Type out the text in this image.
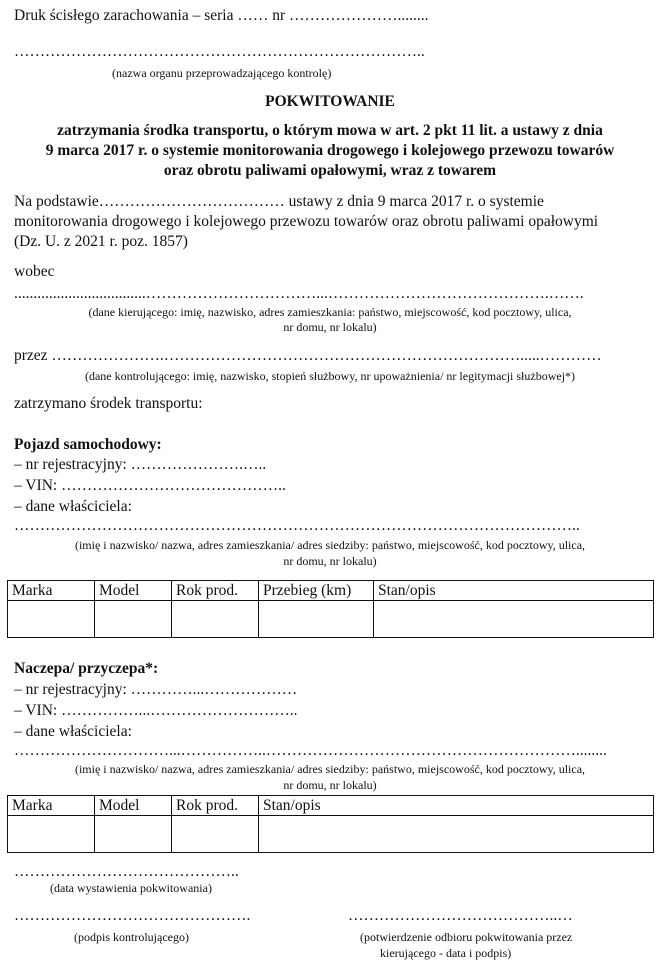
Druk ścisłego zarachowania – seria …… nr …………………........
……………………………………………………………………..
(nazwa organu przeprowadzającego kontrolę)
POKWITOWANIE
zatrzymania środka transportu, o którym mowa w art. 2 pkt 11 lit. a ustawy z dnia
9 marca 2017 r. o systemie monitorowania drogowego i kolejowego przewozu towarów
oraz obrotu paliwami opałowymi, wraz z towarem
Na podstawie……………………………… ustawy z dnia 9 marca 2017 r. o systemie
monitorowania drogowego i kolejowego przewozu towarów oraz obrotu paliwami opałowymi
(Dz. U. z 2021 r. poz. 1857)
wobec
..................................……………………………...…………………………………….…….
(dane kierującego: imię, nazwisko, adres zamieszkania: państwo, miejscowość, kod pocztowy, ulica,
nr domu, nr lokalu)
przez ………………….…………………………………………………………….....…………
(dane kontrolującego: imię, nazwisko, stopień służbowy, nr upoważnienia/ nr legitymacji służbowej*)
zatrzymano środek transportu:
Pojazd samochodowy:
– nr rejestracyjny: ………………….…..
– VIN: ……………………………………..
– dane właściciela:
………………………………………………………………………………………………..
(imię i nazwisko/ nazwa, adres zamieszkania/ adres siedziby: państwo, miejscowość, kod pocztowy, ulica,
nr domu, nr lokalu)
Marka	Model	Rok prod.	Przebieg (km)	Stan/opis

Naczepa/ przyczepa*:
– nr rejestracyjny: …………...………………
– VIN: ……………...………………………..
– dane właściciela:
…………………………...……………..……………………………………………………........
(imię i nazwisko/ nazwa, adres zamieszkania/ adres siedziby: państwo, miejscowość, kod pocztowy, ulica,
nr domu, nr lokalu)
Marka	Model	Rok prod.	Stan/opis

……………………………………..
(data wystawienia pokwitowania)
……………………………………….
(podpis kontrolującego)
…………………………………..…
(potwierdzenie odbioru pokwitowania przez
kierującego - data i podpis)
